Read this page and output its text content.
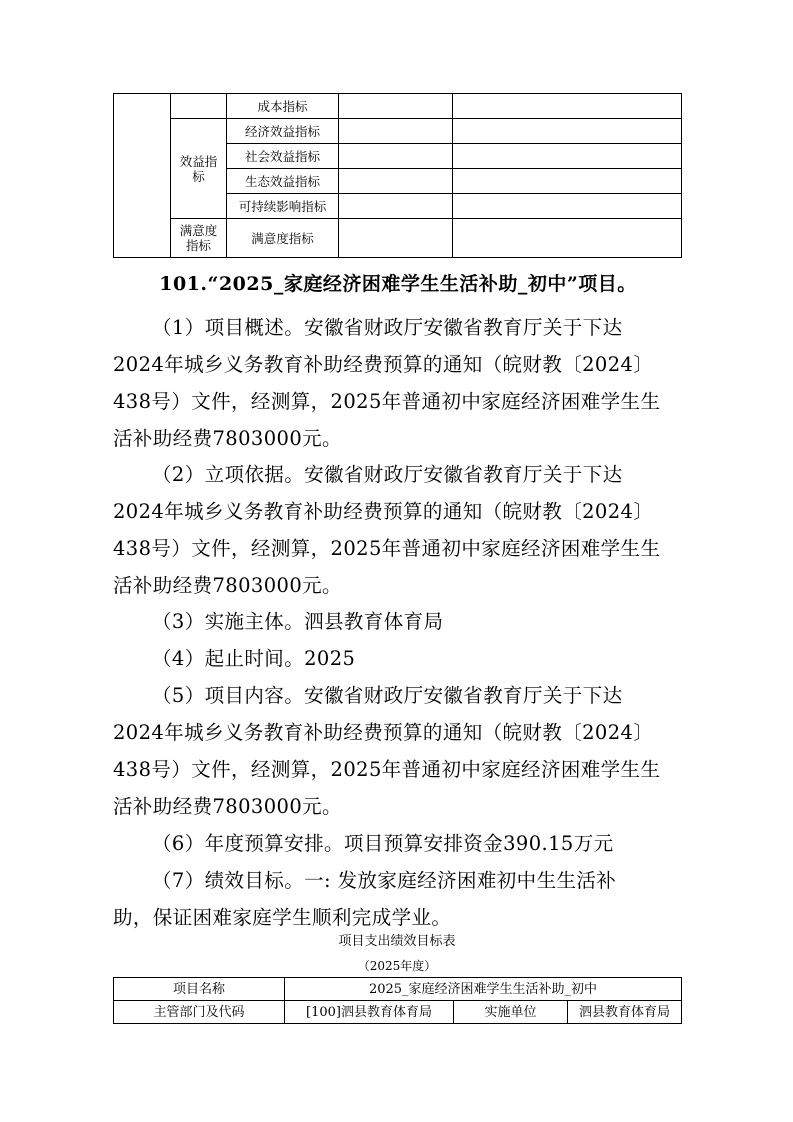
		成本指标		
	效益指标	经济效益指标		
		社会效益指标		
		生态效益指标		
		可持续影响指标		
	满意度指标	满意度指标		
101.“2025_家庭经济困难学生生活补助_初中”项目。
（1）项目概述。安徽省财政厅安徽省教育厅关于下达
2024年城乡义务教育补助经费预算的通知（皖财教〔2024〕
438号）文件，经测算，2025年普通初中家庭经济困难学生生
活补助经费7803000元。
（2）立项依据。安徽省财政厅安徽省教育厅关于下达
2024年城乡义务教育补助经费预算的通知（皖财教〔2024〕
438号）文件，经测算，2025年普通初中家庭经济困难学生生
活补助经费7803000元。
（3）实施主体。泗县教育体育局
（4）起止时间。2025
（5）项目内容。安徽省财政厅安徽省教育厅关于下达
2024年城乡义务教育补助经费预算的通知（皖财教〔2024〕
438号）文件，经测算，2025年普通初中家庭经济困难学生生
活补助经费7803000元。
（6）年度预算安排。项目预算安排资金390.15万元
（7）绩效目标。一: 发放家庭经济困难初中生生活补
助，保证困难家庭学生顺利完成学业。
项目支出绩效目标表
（2025年度）
项目名称	2025_家庭经济困难学生生活补助_初中		
主管部门及代码	[100]泗县教育体育局	实施单位	泗县教育体育局
